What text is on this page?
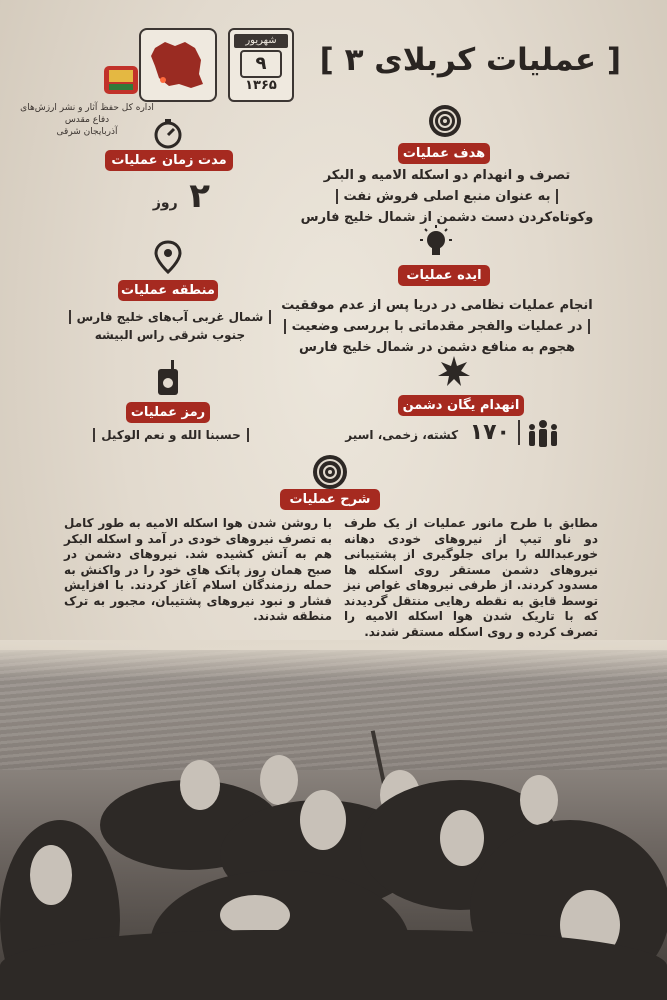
[ عملیات کربلای ۳ ]
شهریور
۹
۱۳۶۵
اداره کل حفظ آثار و نشر ارزش‌های دفاع مقدس
آذربایجان شرقی
هدف عملیات
تصرف و انهدام دو اسکله الامیه و البکر
به عنوان منبع اصلی فروش نفت
وکوتاه‌کردن دست دشمن از شمال خلیج فارس
مدت زمان عملیات
۲ روز
ایده عملیات
انجام عملیات نظامی در دریا پس از عدم موفقیت
در عملیات والفجر مقدماتی با بررسی وضعیت
هجوم به منافع دشمن در شمال خلیج فارس
منطقه عملیات
شمال غربی آب‌های خلیج فارس
جنوب شرقی راس البیشه
رمز عملیات
حسبنا الله و نعم الوکیل
انهدام یگان دشمن
۱۷۰ کشته، زخمی، اسیر
شرح عملیات
مطابق با طرح مانور عملیات از یک طرف دو ناو تیپ از نیروهای خودی دهانه خورعبدالله را برای جلوگیری از پشتیبانی نیروهای دشمن مستقر روی اسکله ها مسدود کردند. از طرفی نیروهای غواص نیز توسط قایق به نقطه رهایی منتقل گردیدند که با تاریک شدن هوا اسکله الامیه را تصرف کرده و روی اسکله مستقر شدند.
با روشن شدن هوا اسکله الامیه به طور کامل به تصرف نیروهای خودی در آمد و اسکله البکر هم به آتش کشیده شد. نیروهای دشمن در صبح همان روز پاتک های خود را در واکنش به حمله رزمندگان اسلام آغاز کردند. با افزایش فشار و نبود نیروهای پشتیبان، مجبور به ترک منطقه شدند.
